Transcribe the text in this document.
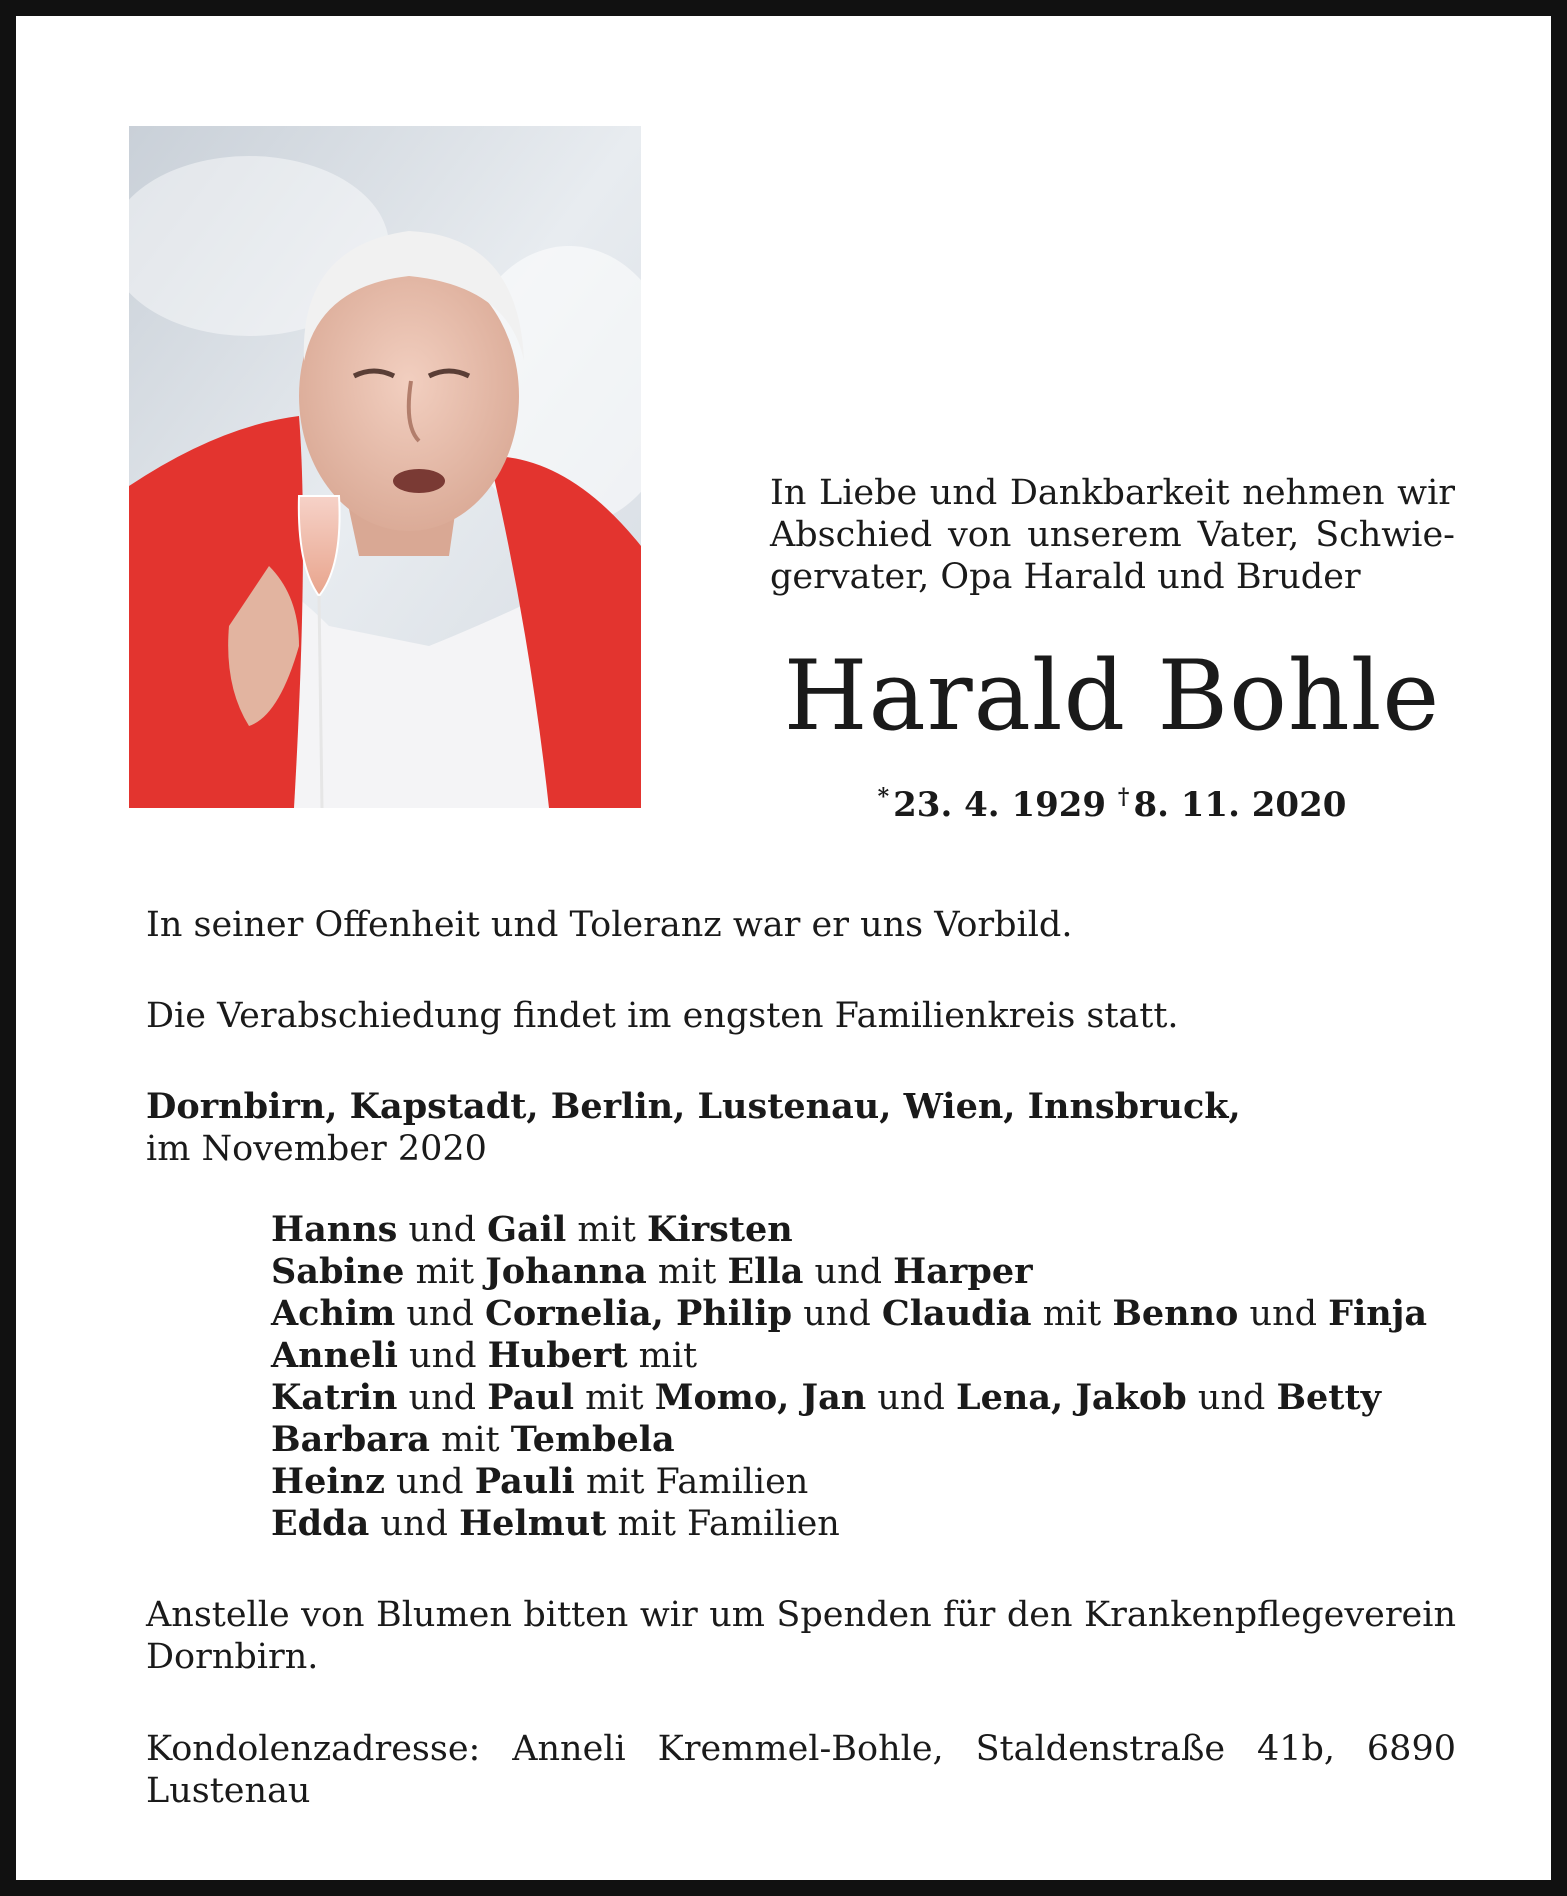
In Liebe und Dankbarkeit nehmen wir
Abschied von unserem Vater, Schwie-
gervater, Opa Harald und Bruder

Harald Bohle
* 23. 4. 1929 † 8. 11. 2020

In seiner Offenheit und Toleranz war er uns Vorbild.

Die Verabschiedung findet im engsten Familienkreis statt.

Dornbirn, Kapstadt, Berlin, Lustenau, Wien, Innsbruck,

im November 2020

Hanns und Gail mit Kirsten
Sabine mit Johanna mit Ella und Harper
Achim und Cornelia, Philip und Claudia mit Benno und Finja
Anneli und Hubert mit
Katrin und Paul mit Momo, Jan und Lena, Jakob und Betty
Barbara mit Tembela
Heinz und Pauli mit Familien
Edda und Helmut mit Familien

Anstelle von Blumen bitten wir um Spenden für den Krankenpflegeverein
Dornbirn.

Kondolenzadresse: Anneli Kremmel-Bohle, Staldenstraße 41b, 6890 Lustenau
